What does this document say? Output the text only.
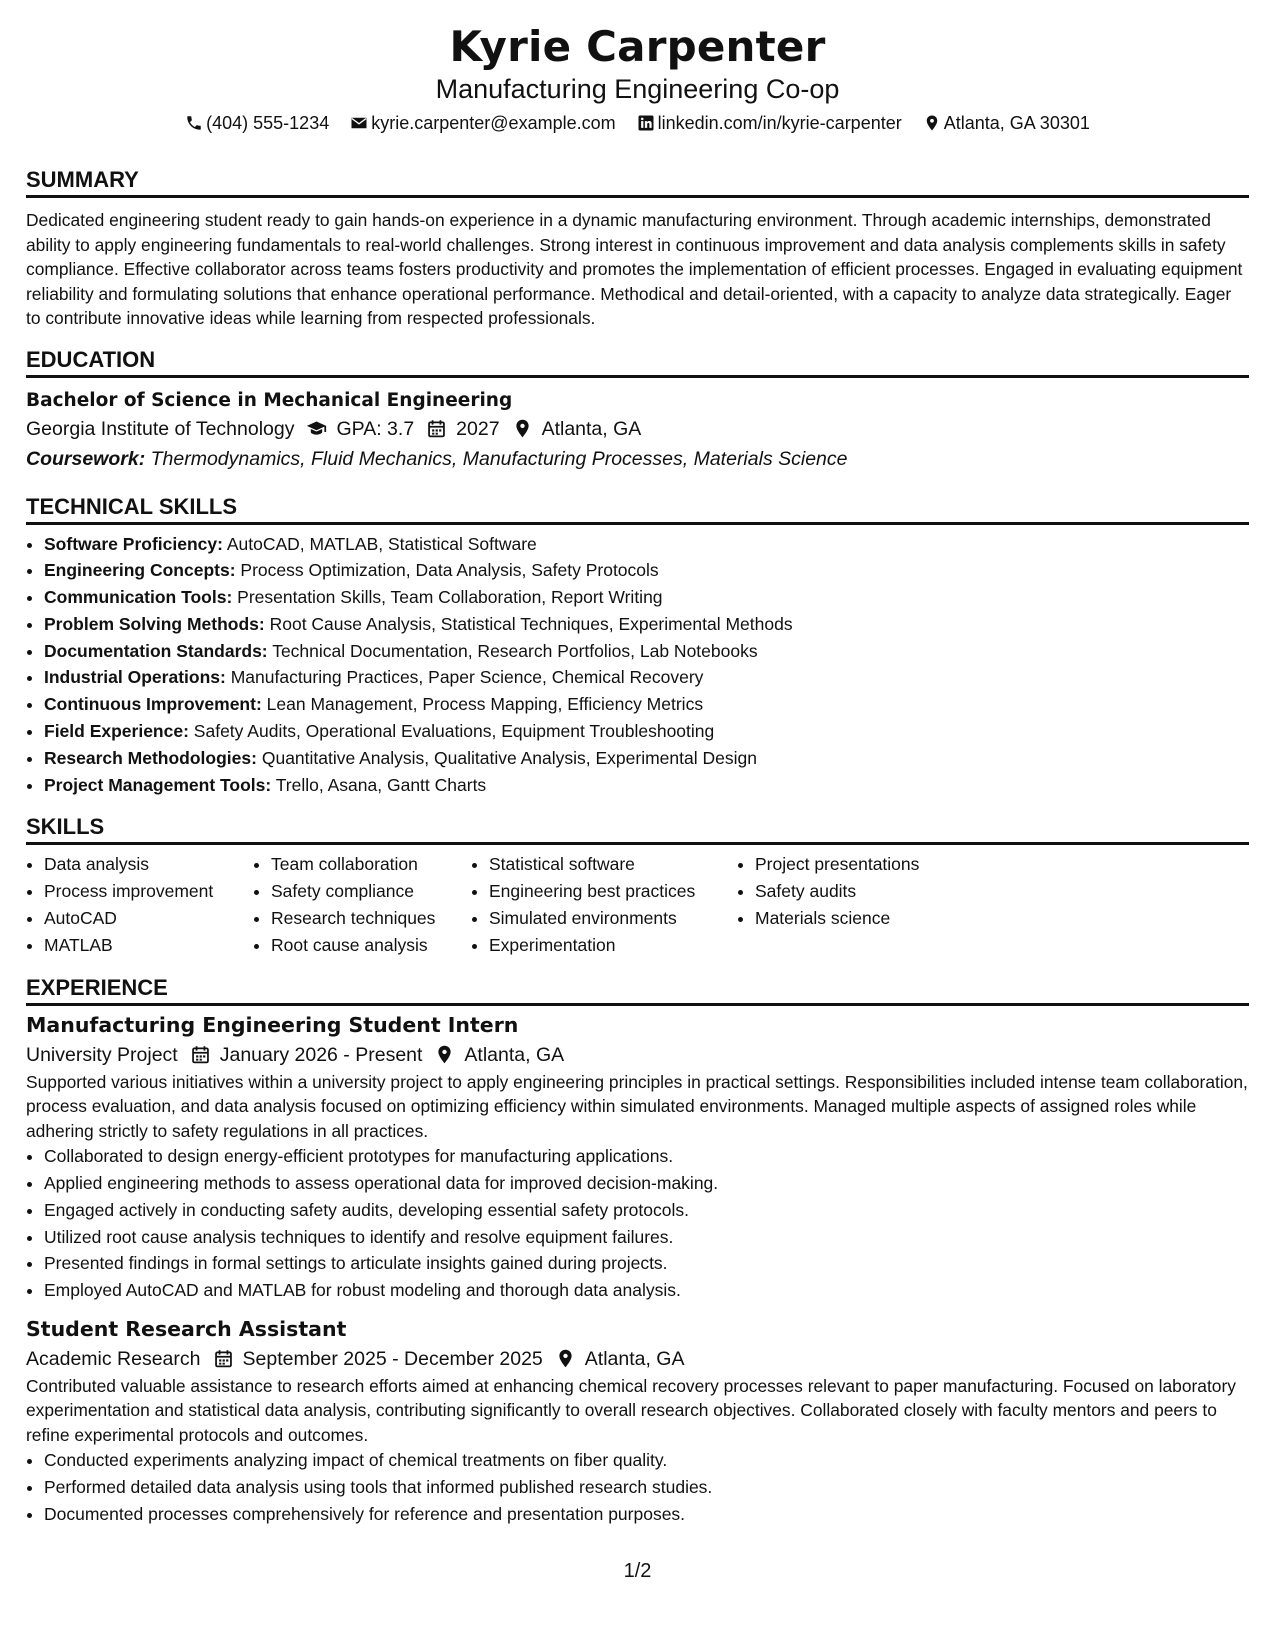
Kyrie Carpenter
Manufacturing Engineering Co-op
(404) 555-1234
kyrie.carpenter@example.com
linkedin.com/in/kyrie-carpenter
Atlanta, GA 30301
SUMMARY

Dedicated engineering student ready to gain hands-on experience in a dynamic manufacturing environment. Through academic internships, demonstrated ability to apply engineering fundamentals to real-world challenges. Strong interest in continuous improvement and data analysis complements skills in safety compliance. Effective collaborator across teams fosters productivity and promotes the implementation of efficient processes. Engaged in evaluating equipment reliability and formulating solutions that enhance operational performance. Methodical and detail-oriented, with a capacity to analyze data strategically. Eager to contribute innovative ideas while learning from respected professionals.

EDUCATION
Bachelor of Science in Mechanical Engineering
Georgia Institute of Technology GPA: 3.7 2027 Atlanta, GA
Coursework: Thermodynamics, Fluid Mechanics, Manufacturing Processes, Materials Science
TECHNICAL SKILLS
• Software Proficiency: AutoCAD, MATLAB, Statistical Software
• Engineering Concepts: Process Optimization, Data Analysis, Safety Protocols
• Communication Tools: Presentation Skills, Team Collaboration, Report Writing
• Problem Solving Methods: Root Cause Analysis, Statistical Techniques, Experimental Methods
• Documentation Standards: Technical Documentation, Research Portfolios, Lab Notebooks
• Industrial Operations: Manufacturing Practices, Paper Science, Chemical Recovery
• Continuous Improvement: Lean Management, Process Mapping, Efficiency Metrics
• Field Experience: Safety Audits, Operational Evaluations, Equipment Troubleshooting
• Research Methodologies: Quantitative Analysis, Qualitative Analysis, Experimental Design
• Project Management Tools: Trello, Asana, Gantt Charts
SKILLS
• Data analysis
• Process improvement
• AutoCAD
• MATLAB
• Team collaboration
• Safety compliance
• Research techniques
• Root cause analysis
• Statistical software
• Engineering best practices
• Simulated environments
• Experimentation
• Project presentations
• Safety audits
• Materials science
EXPERIENCE
Manufacturing Engineering Student Intern
University Project January 2026 - Present Atlanta, GA

Supported various initiatives within a university project to apply engineering principles in practical settings. Responsibilities included intense team collaboration, process evaluation, and data analysis focused on optimizing efficiency within simulated environments. Managed multiple aspects of assigned roles while adhering strictly to safety regulations in all practices.

• Collaborated to design energy-efficient prototypes for manufacturing applications.
• Applied engineering methods to assess operational data for improved decision-making.
• Engaged actively in conducting safety audits, developing essential safety protocols.
• Utilized root cause analysis techniques to identify and resolve equipment failures.
• Presented findings in formal settings to articulate insights gained during projects.
• Employed AutoCAD and MATLAB for robust modeling and thorough data analysis.
Student Research Assistant
Academic Research September 2025 - December 2025 Atlanta, GA

Contributed valuable assistance to research efforts aimed at enhancing chemical recovery processes relevant to paper manufacturing. Focused on laboratory experimentation and statistical data analysis, contributing significantly to overall research objectives. Collaborated closely with faculty mentors and peers to refine experimental protocols and outcomes.

• Conducted experiments analyzing impact of chemical treatments on fiber quality.
• Performed detailed data analysis using tools that informed published research studies.
• Documented processes comprehensively for reference and presentation purposes.
1/2
